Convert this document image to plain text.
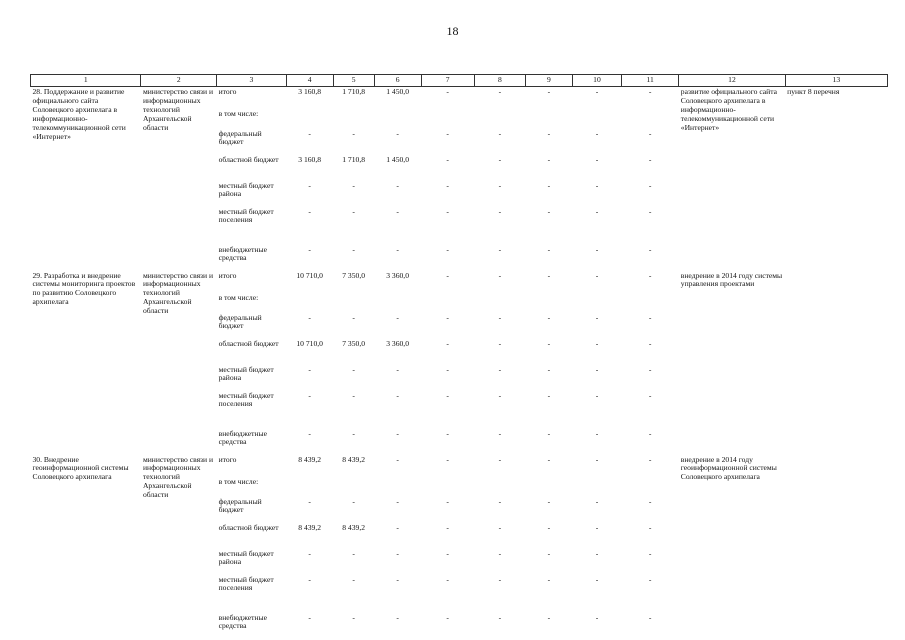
18
1	2	3	4	5	6	7	8	9	10	11	12	13
28. Поддержание и развитие официального сайта Соловецкого архипелага в информационно-телекоммуникационной сети «Интернет»	министерство связи и информационных технологий Архангельской области	итого	3 160,8	1 710,8	1 450,0	-	-	-	-	-	развитие официального сайта Соловецкого архипелага в информационно-телекоммуникационной сети «Интернет»	пункт 8 перечня
		в том числе:										
		федеральный бюджет	-	-	-	-	-	-	-	-		
		областной бюджет	3 160,8	1 710,8	1 450,0	-	-	-	-	-		
		местный бюджет района	-	-	-	-	-	-	-	-		
		местный бюджет поселения	-	-	-	-	-	-	-	-		
		внебюджетные средства	-	-	-	-	-	-	-	-		
29. Разработка и внедрение системы мониторинга проектов по развитию Соловецкого архипелага	министерство связи и информационных технологий Архангельской области	итого	10 710,0	7 350,0	3 360,0	-	-	-	-	-	внедрение в 2014 году системы управления проектами	
		в том числе:										
		федеральный бюджет	-	-	-	-	-	-	-	-		
		областной бюджет	10 710,0	7 350,0	3 360,0	-	-	-	-	-		
		местный бюджет района	-	-	-	-	-	-	-	-		
		местный бюджет поселения	-	-	-	-	-	-	-	-		
		внебюджетные средства	-	-	-	-	-	-	-	-		
30. Внедрение геоинформационной системы Соловецкого архипелага	министерство связи и информационных технологий Архангельской области	итого	8 439,2	8 439,2	-	-	-	-	-	-	внедрение в 2014 году геоинформационной системы Соловецкого архипелага	
		в том числе:										
		федеральный бюджет	-	-	-	-	-	-	-	-		
		областной бюджет	8 439,2	8 439,2	-	-	-	-	-	-		
		местный бюджет района	-	-	-	-	-	-	-	-		
		местный бюджет поселения	-	-	-	-	-	-	-	-		
		внебюджетные средства	-	-	-	-	-	-	-	-		
